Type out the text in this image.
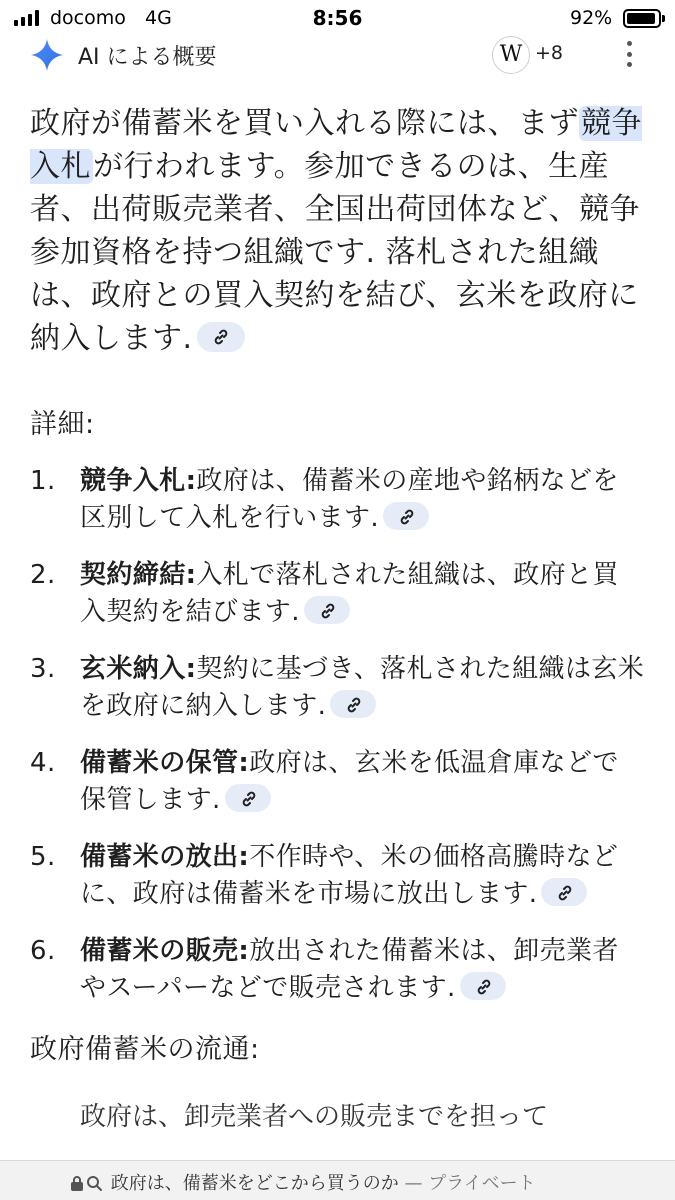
docomo 4G	8:56	92%
AI による概要	W +8

政府が備蓄米を買い入れる際には、まず競争入札が行われます。参加できるのは、生産者、出荷販売業者、全国出荷団体など、競争参加資格を持つ組織です. 落札された組織は、政府との買入契約を結び、玄米を政府に納入します.

詳細:
1. 競争入札:政府は、備蓄米の産地や銘柄などを区別して入札を行います.
2. 契約締結:入札で落札された組織は、政府と買入契約を結びます.
3. 玄米納入:契約に基づき、落札された組織は玄米を政府に納入します.
4. 備蓄米の保管:政府は、玄米を低温倉庫などで保管します.
5. 備蓄米の放出:不作時や、米の価格高騰時などに、政府は備蓄米を市場に放出します.
6. 備蓄米の販売:放出された備蓄米は、卸売業者やスーパーなどで販売されます.
政府備蓄米の流通:
政府は、卸売業者への販売までを担って
政府は、備蓄米をどこから買うのか — プライベート
